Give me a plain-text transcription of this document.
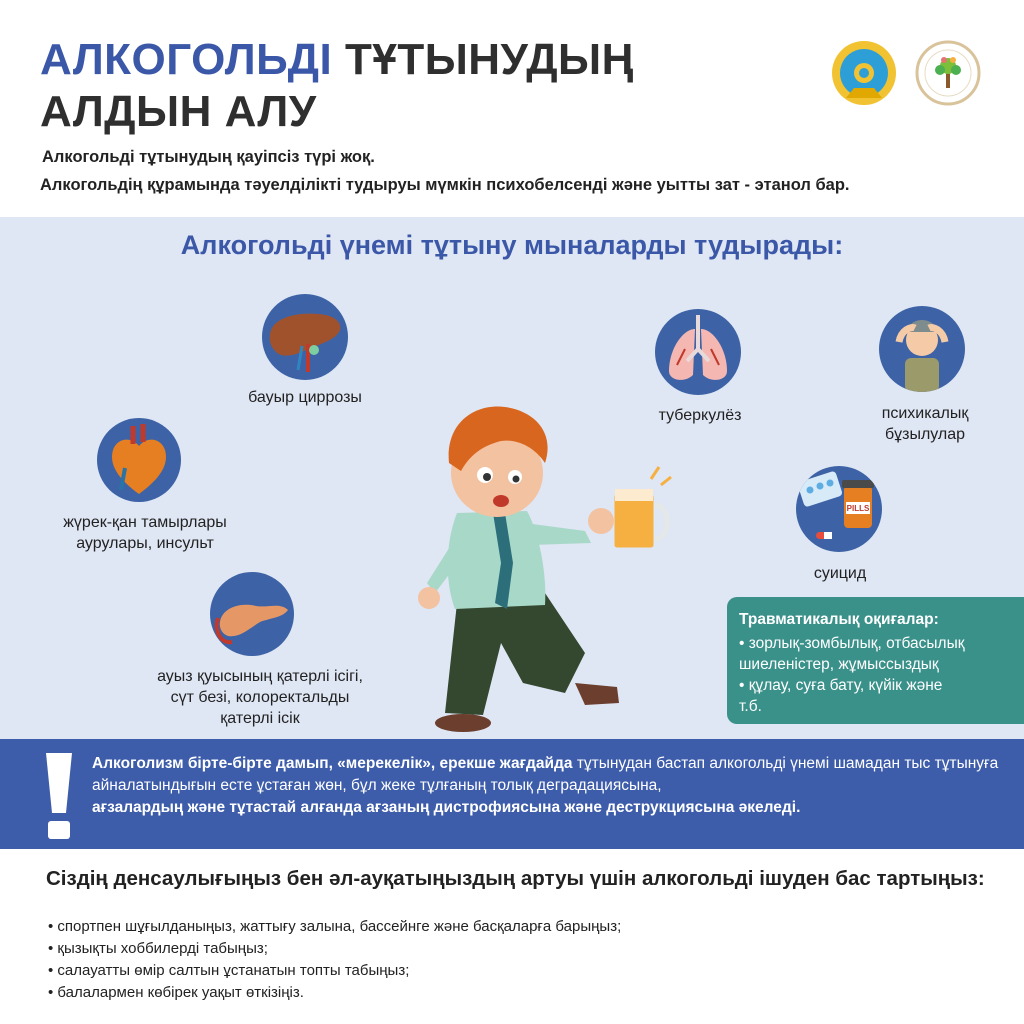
АЛКОГОЛЬДІ ТҰТЫНУДЫҢ
АЛДЫН АЛУ
Алкогольді тұтынудың қауіпсіз түрі жоқ.
Алкогольдің құрамында тәуелділікті тудыруы мүмкін психобелсенді және уытты зат - этанол бар.
Алкогольді үнемі тұтыну мыналарды тудырады:
бауыр циррозы
жүрек-қан тамырлары
аурулары, инсульт
ауыз қуысының қатерлі ісігі,
сүт безі, колоректальды
қатерлі ісік
туберкулёз	психикалық
бұзылулар
PILLS
суицид
Травматикалық оқиғалар:
• зорлық-зомбылық, отбасылық
шиеленістер, жұмыссыздық
• құлау, суға бату, күйік және
т.б.
Алкоголизм бірте-бірте дамып, «мерекелік», ерекше жағдайда тұтынудан бастап алкогольді үнемі шамадан тыс тұтынуға айналатындығын есте ұстаған жөн, бұл жеке тұлғаның толық деградациясына,
ағзалардың және тұтастай алғанда ағзаның дистрофиясына және деструкциясына әкеледі.
Сіздің денсаулығыңыз бен әл-ауқатыңыздың артуы үшін алкогольді ішуден бас тартыңыз:
• спортпен шұғылданыңыз, жаттығу залына, бассейнге және басқаларға барыңыз;
• қызықты хоббилерді табыңыз;
• салауатты өмір салтын ұстанатын топты табыңыз;
• балалармен көбірек уақыт өткізіңіз.
